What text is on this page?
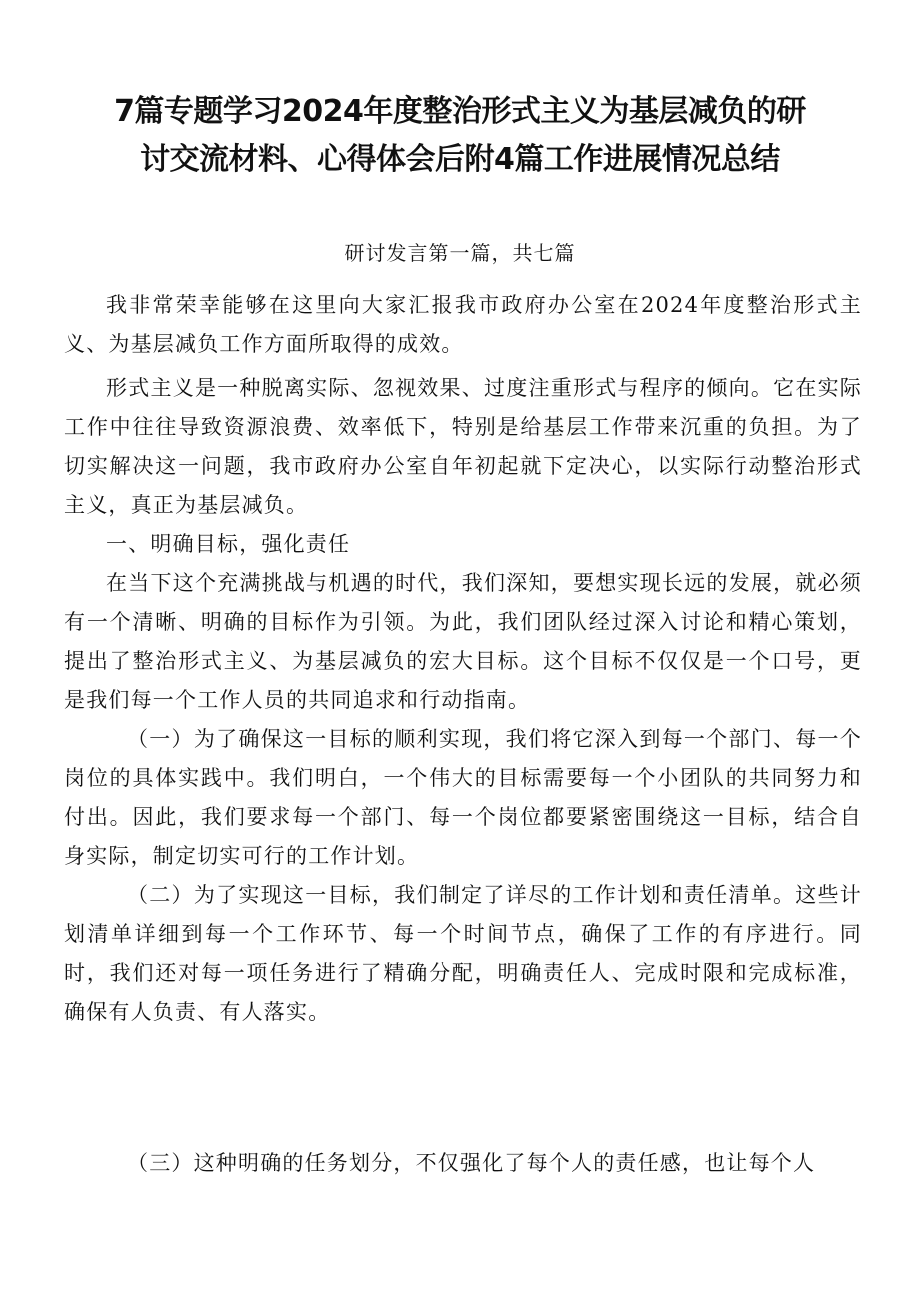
7篇专题学习2024年度整治形式主义为基层减负的研
讨交流材料、心得体会后附4篇工作进展情况总结
研讨发言第一篇，共七篇

我非常荣幸能够在这里向大家汇报我市政府办公室在2024年度整治形式主义、为基层减负工作方面所取得的成效。

形式主义是一种脱离实际、忽视效果、过度注重形式与程序的倾向。它在实际工作中往往导致资源浪费、效率低下，特别是给基层工作带来沉重的负担。为了切实解决这一问题，我市政府办公室自年初起就下定决心，以实际行动整治形式主义，真正为基层减负。

一、明确目标，强化责任

在当下这个充满挑战与机遇的时代，我们深知，要想实现长远的发展，就必须有一个清晰、明确的目标作为引领。为此，我们团队经过深入讨论和精心策划，提出了整治形式主义、为基层减负的宏大目标。这个目标不仅仅是一个口号，更是我们每一个工作人员的共同追求和行动指南。

（一）为了确保这一目标的顺利实现，我们将它深入到每一个部门、每一个岗位的具体实践中。我们明白，一个伟大的目标需要每一个小团队的共同努力和付出。因此，我们要求每一个部门、每一个岗位都要紧密围绕这一目标，结合自身实际，制定切实可行的工作计划。

（二）为了实现这一目标，我们制定了详尽的工作计划和责任清单。这些计划清单详细到每一个工作环节、每一个时间节点，确保了工作的有序进行。同时，我们还对每一项任务进行了精确分配，明确责任人、完成时限和完成标准，确保有人负责、有人落实。

（三）这种明确的任务划分，不仅强化了每个人的责任感，也让每个人
